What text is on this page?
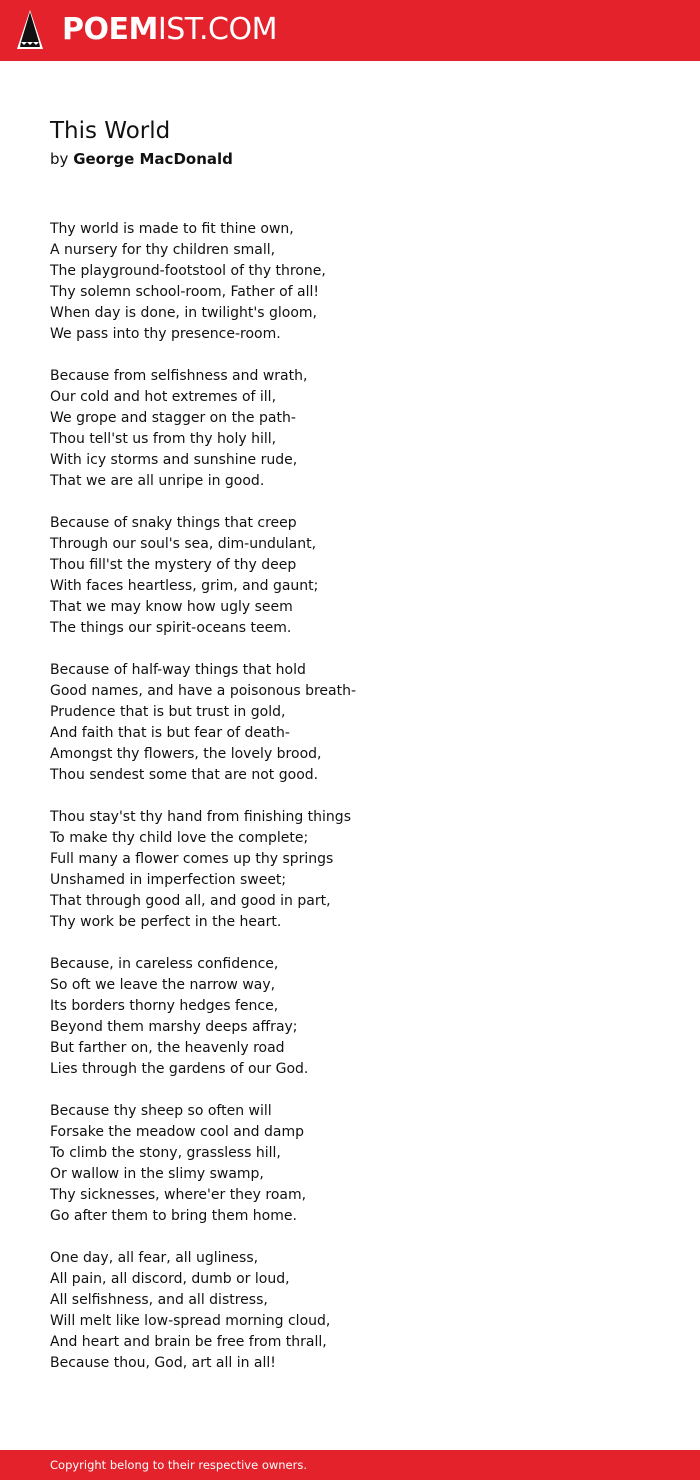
POEMIST.COM
This World
by George MacDonald
Thy world is made to fit thine own,
A nursery for thy children small,
The playground-footstool of thy throne,
Thy solemn school-room, Father of all!
When day is done, in twilight's gloom,
We pass into thy presence-room.
Because from selfishness and wrath,
Our cold and hot extremes of ill,
We grope and stagger on the path-
Thou tell'st us from thy holy hill,
With icy storms and sunshine rude,
That we are all unripe in good.
Because of snaky things that creep
Through our soul's sea, dim-undulant,
Thou fill'st the mystery of thy deep
With faces heartless, grim, and gaunt;
That we may know how ugly seem
The things our spirit-oceans teem.
Because of half-way things that hold
Good names, and have a poisonous breath-
Prudence that is but trust in gold,
And faith that is but fear of death-
Amongst thy flowers, the lovely brood,
Thou sendest some that are not good.
Thou stay'st thy hand from finishing things
To make thy child love the complete;
Full many a flower comes up thy springs
Unshamed in imperfection sweet;
That through good all, and good in part,
Thy work be perfect in the heart.
Because, in careless confidence,
So oft we leave the narrow way,
Its borders thorny hedges fence,
Beyond them marshy deeps affray;
But farther on, the heavenly road
Lies through the gardens of our God.
Because thy sheep so often will
Forsake the meadow cool and damp
To climb the stony, grassless hill,
Or wallow in the slimy swamp,
Thy sicknesses, where'er they roam,
Go after them to bring them home.
One day, all fear, all ugliness,
All pain, all discord, dumb or loud,
All selfishness, and all distress,
Will melt like low-spread morning cloud,
And heart and brain be free from thrall,
Because thou, God, art all in all!
Copyright belong to their respective owners.
